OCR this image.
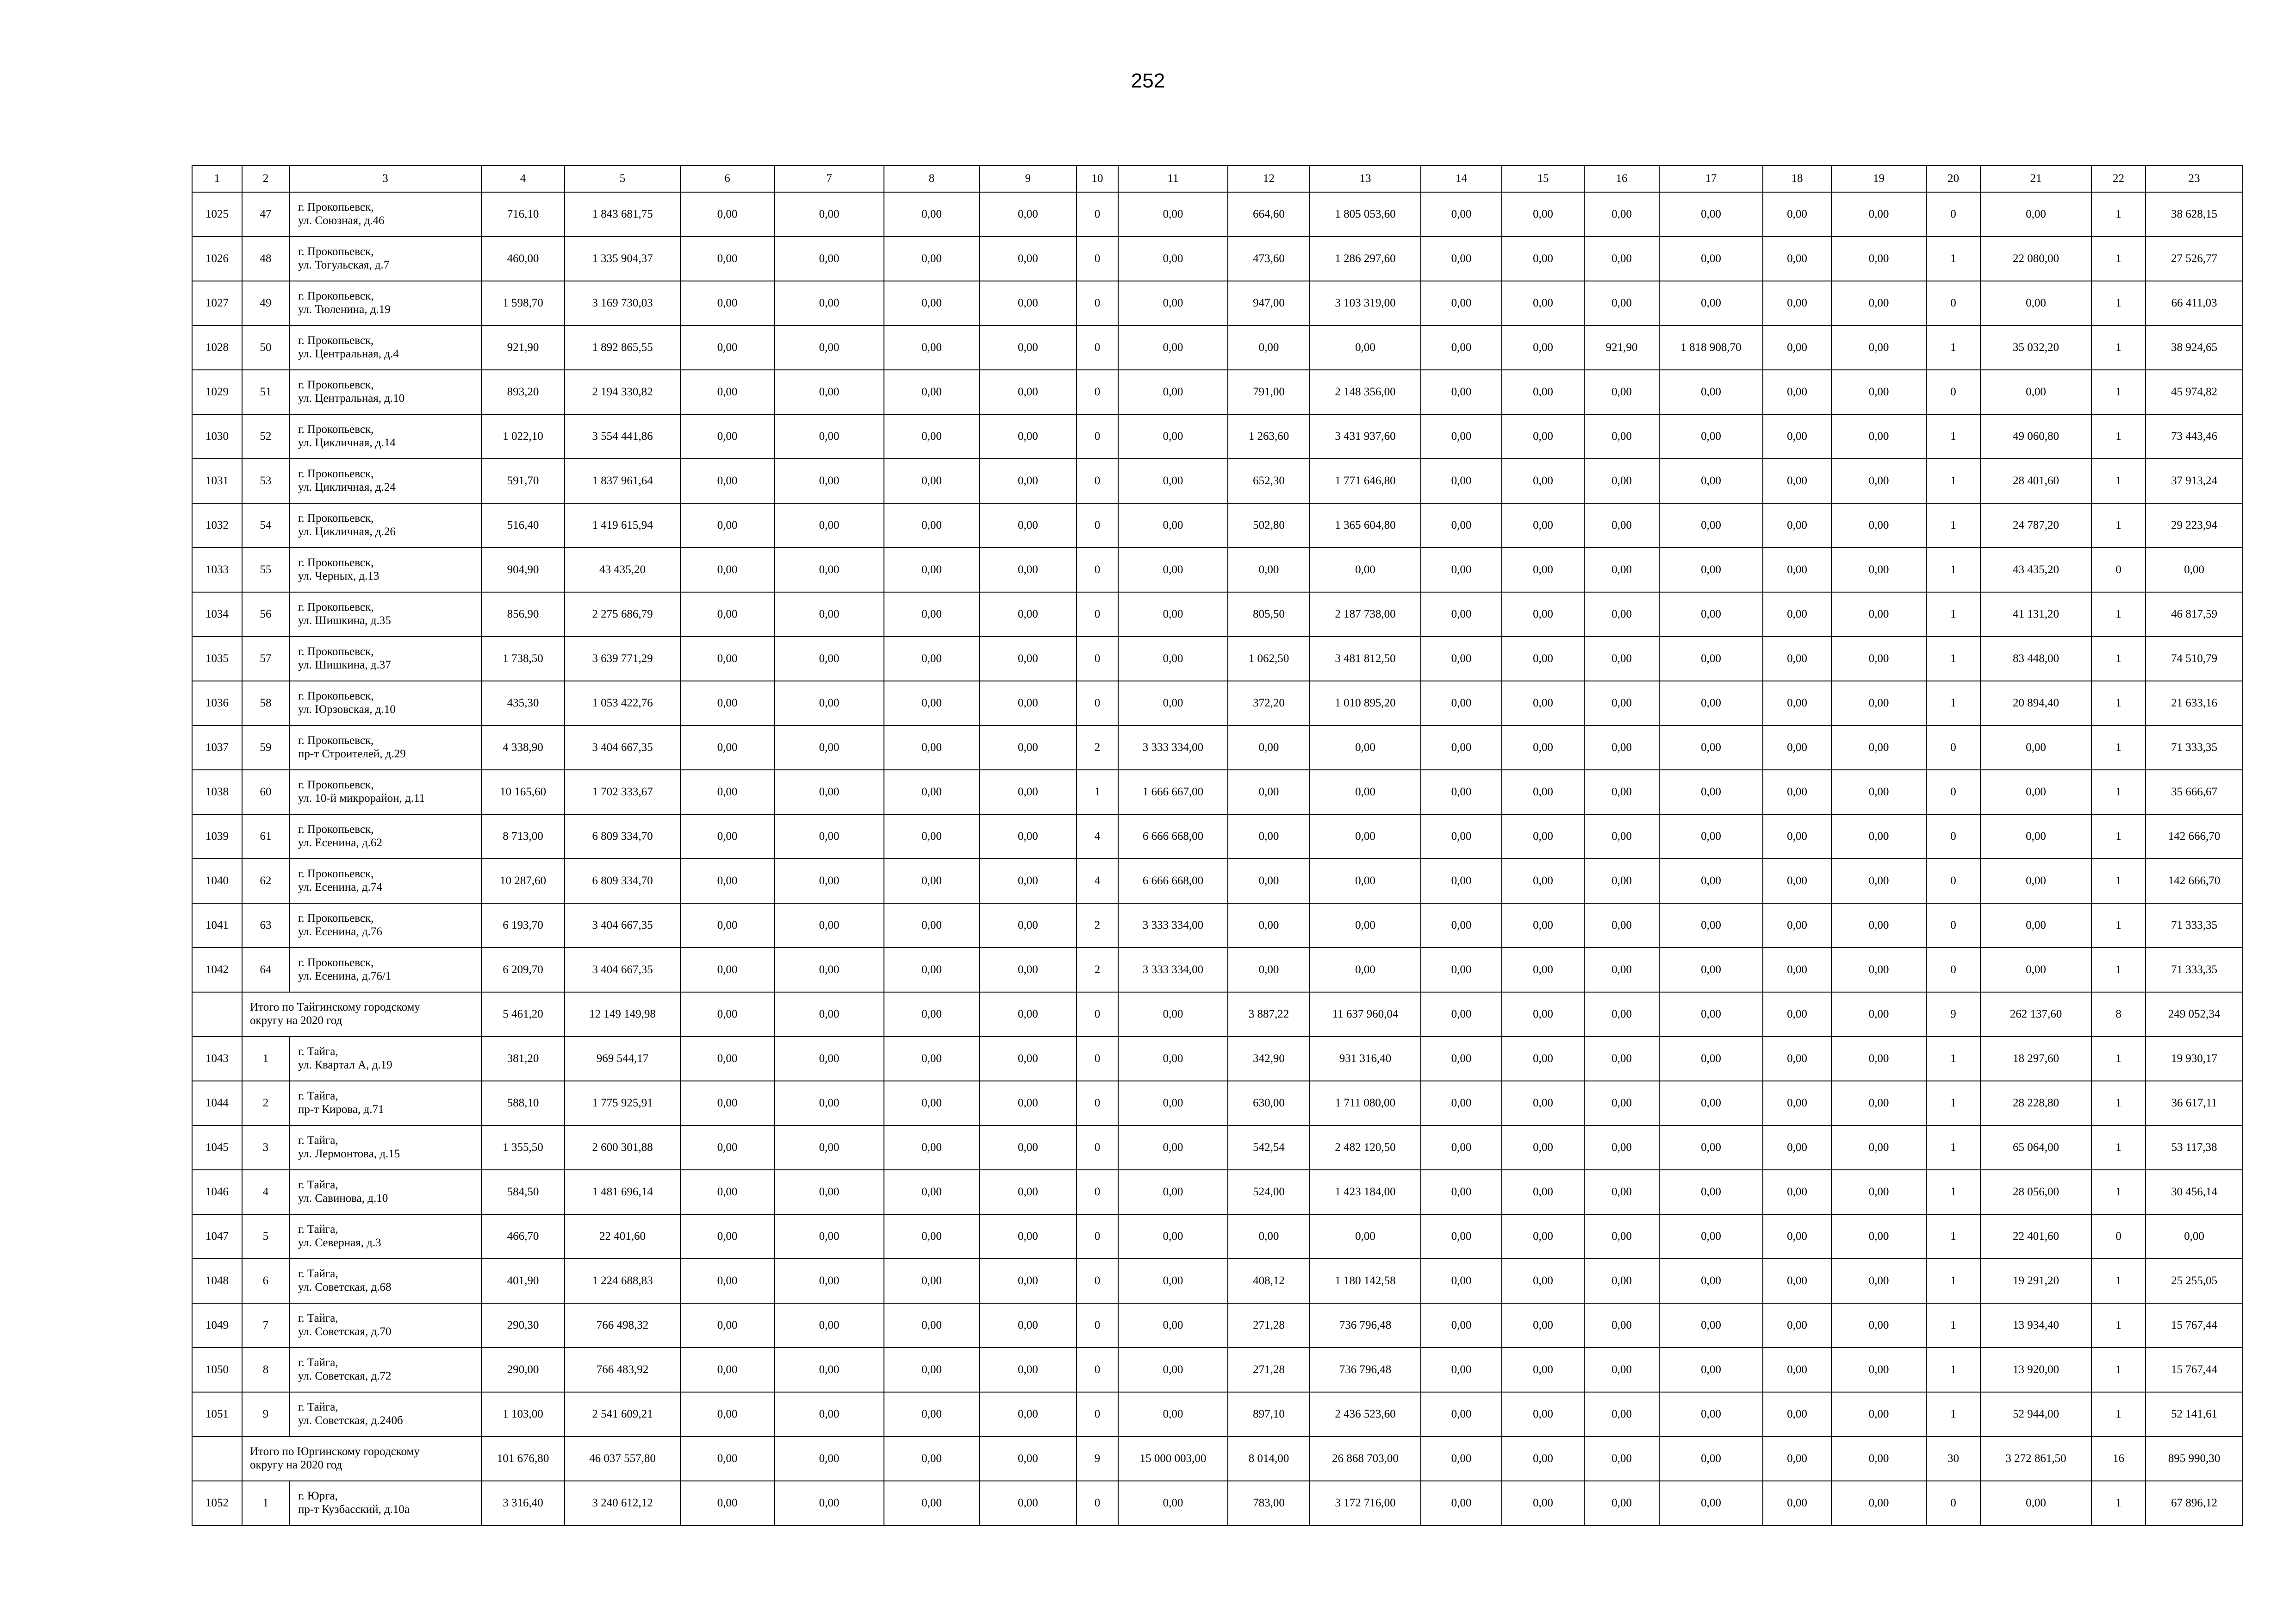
252
1	2	3	4	5	6	7	8	9	10	11	12	13	14	15	16	17	18	19	20	21	22	23
1025	47	г. Прокопьевск,
ул. Союзная, д.46	716,10	1 843 681,75	0,00	0,00	0,00	0,00	0	0,00	664,60	1 805 053,60	0,00	0,00	0,00	0,00	0,00	0,00	0	0,00	1	38 628,15
1026	48	г. Прокопьевск,
ул. Тогульская, д.7	460,00	1 335 904,37	0,00	0,00	0,00	0,00	0	0,00	473,60	1 286 297,60	0,00	0,00	0,00	0,00	0,00	0,00	1	22 080,00	1	27 526,77
1027	49	г. Прокопьевск,
ул. Тюленина, д.19	1 598,70	3 169 730,03	0,00	0,00	0,00	0,00	0	0,00	947,00	3 103 319,00	0,00	0,00	0,00	0,00	0,00	0,00	0	0,00	1	66 411,03
1028	50	г. Прокопьевск,
ул. Центральная, д.4	921,90	1 892 865,55	0,00	0,00	0,00	0,00	0	0,00	0,00	0,00	0,00	0,00	921,90	1 818 908,70	0,00	0,00	1	35 032,20	1	38 924,65
1029	51	г. Прокопьевск,
ул. Центральная, д.10	893,20	2 194 330,82	0,00	0,00	0,00	0,00	0	0,00	791,00	2 148 356,00	0,00	0,00	0,00	0,00	0,00	0,00	0	0,00	1	45 974,82
1030	52	г. Прокопьевск,
ул. Цикличная, д.14	1 022,10	3 554 441,86	0,00	0,00	0,00	0,00	0	0,00	1 263,60	3 431 937,60	0,00	0,00	0,00	0,00	0,00	0,00	1	49 060,80	1	73 443,46
1031	53	г. Прокопьевск,
ул. Цикличная, д.24	591,70	1 837 961,64	0,00	0,00	0,00	0,00	0	0,00	652,30	1 771 646,80	0,00	0,00	0,00	0,00	0,00	0,00	1	28 401,60	1	37 913,24
1032	54	г. Прокопьевск,
ул. Цикличная, д.26	516,40	1 419 615,94	0,00	0,00	0,00	0,00	0	0,00	502,80	1 365 604,80	0,00	0,00	0,00	0,00	0,00	0,00	1	24 787,20	1	29 223,94
1033	55	г. Прокопьевск,
ул. Черных, д.13	904,90	43 435,20	0,00	0,00	0,00	0,00	0	0,00	0,00	0,00	0,00	0,00	0,00	0,00	0,00	0,00	1	43 435,20	0	0,00
1034	56	г. Прокопьевск,
ул. Шишкина, д.35	856,90	2 275 686,79	0,00	0,00	0,00	0,00	0	0,00	805,50	2 187 738,00	0,00	0,00	0,00	0,00	0,00	0,00	1	41 131,20	1	46 817,59
1035	57	г. Прокопьевск,
ул. Шишкина, д.37	1 738,50	3 639 771,29	0,00	0,00	0,00	0,00	0	0,00	1 062,50	3 481 812,50	0,00	0,00	0,00	0,00	0,00	0,00	1	83 448,00	1	74 510,79
1036	58	г. Прокопьевск,
ул. Юрзовская, д.10	435,30	1 053 422,76	0,00	0,00	0,00	0,00	0	0,00	372,20	1 010 895,20	0,00	0,00	0,00	0,00	0,00	0,00	1	20 894,40	1	21 633,16
1037	59	г. Прокопьевск,
пр-т Строителей, д.29	4 338,90	3 404 667,35	0,00	0,00	0,00	0,00	2	3 333 334,00	0,00	0,00	0,00	0,00	0,00	0,00	0,00	0,00	0	0,00	1	71 333,35
1038	60	г. Прокопьевск,
ул. 10-й микрорайон, д.11	10 165,60	1 702 333,67	0,00	0,00	0,00	0,00	1	1 666 667,00	0,00	0,00	0,00	0,00	0,00	0,00	0,00	0,00	0	0,00	1	35 666,67
1039	61	г. Прокопьевск,
ул. Есенина, д.62	8 713,00	6 809 334,70	0,00	0,00	0,00	0,00	4	6 666 668,00	0,00	0,00	0,00	0,00	0,00	0,00	0,00	0,00	0	0,00	1	142 666,70
1040	62	г. Прокопьевск,
ул. Есенина, д.74	10 287,60	6 809 334,70	0,00	0,00	0,00	0,00	4	6 666 668,00	0,00	0,00	0,00	0,00	0,00	0,00	0,00	0,00	0	0,00	1	142 666,70
1041	63	г. Прокопьевск,
ул. Есенина, д.76	6 193,70	3 404 667,35	0,00	0,00	0,00	0,00	2	3 333 334,00	0,00	0,00	0,00	0,00	0,00	0,00	0,00	0,00	0	0,00	1	71 333,35
1042	64	г. Прокопьевск,
ул. Есенина, д.76/1	6 209,70	3 404 667,35	0,00	0,00	0,00	0,00	2	3 333 334,00	0,00	0,00	0,00	0,00	0,00	0,00	0,00	0,00	0	0,00	1	71 333,35

	Итого по Тайгинскому городскому
округу на 2020 год		5 461,20	12 149 149,98	0,00	0,00	0,00	0,00	0	0,00	3 887,22	11 637 960,04	0,00	0,00	0,00	0,00	0,00	0,00	9	262 137,60	8	249 052,34
1043	1	г. Тайга,
ул. Квартал А, д.19	381,20	969 544,17	0,00	0,00	0,00	0,00	0	0,00	342,90	931 316,40	0,00	0,00	0,00	0,00	0,00	0,00	1	18 297,60	1	19 930,17
1044	2	г. Тайга,
пр-т Кирова, д.71	588,10	1 775 925,91	0,00	0,00	0,00	0,00	0	0,00	630,00	1 711 080,00	0,00	0,00	0,00	0,00	0,00	0,00	1	28 228,80	1	36 617,11
1045	3	г. Тайга,
ул. Лермонтова, д.15	1 355,50	2 600 301,88	0,00	0,00	0,00	0,00	0	0,00	542,54	2 482 120,50	0,00	0,00	0,00	0,00	0,00	0,00	1	65 064,00	1	53 117,38
1046	4	г. Тайга,
ул. Савинова, д.10	584,50	1 481 696,14	0,00	0,00	0,00	0,00	0	0,00	524,00	1 423 184,00	0,00	0,00	0,00	0,00	0,00	0,00	1	28 056,00	1	30 456,14
1047	5	г. Тайга,
ул. Северная, д.3	466,70	22 401,60	0,00	0,00	0,00	0,00	0	0,00	0,00	0,00	0,00	0,00	0,00	0,00	0,00	0,00	1	22 401,60	0	0,00
1048	6	г. Тайга,
ул. Советская, д.68	401,90	1 224 688,83	0,00	0,00	0,00	0,00	0	0,00	408,12	1 180 142,58	0,00	0,00	0,00	0,00	0,00	0,00	1	19 291,20	1	25 255,05
1049	7	г. Тайга,
ул. Советская, д.70	290,30	766 498,32	0,00	0,00	0,00	0,00	0	0,00	271,28	736 796,48	0,00	0,00	0,00	0,00	0,00	0,00	1	13 934,40	1	15 767,44
1050	8	г. Тайга,
ул. Советская, д.72	290,00	766 483,92	0,00	0,00	0,00	0,00	0	0,00	271,28	736 796,48	0,00	0,00	0,00	0,00	0,00	0,00	1	13 920,00	1	15 767,44
1051	9	г. Тайга,
ул. Советская, д.240б	1 103,00	2 541 609,21	0,00	0,00	0,00	0,00	0	0,00	897,10	2 436 523,60	0,00	0,00	0,00	0,00	0,00	0,00	1	52 944,00	1	52 141,61

	Итого по Юргинскому городскому
округу на 2020 год		101 676,80	46 037 557,80	0,00	0,00	0,00	0,00	9	15 000 003,00	8 014,00	26 868 703,00	0,00	0,00	0,00	0,00	0,00	0,00	30	3 272 861,50	16	895 990,30
1052	1	г. Юрга,
пр-т Кузбасский, д.10а	3 316,40	3 240 612,12	0,00	0,00	0,00	0,00	0	0,00	783,00	3 172 716,00	0,00	0,00	0,00	0,00	0,00	0,00	0	0,00	1	67 896,12
